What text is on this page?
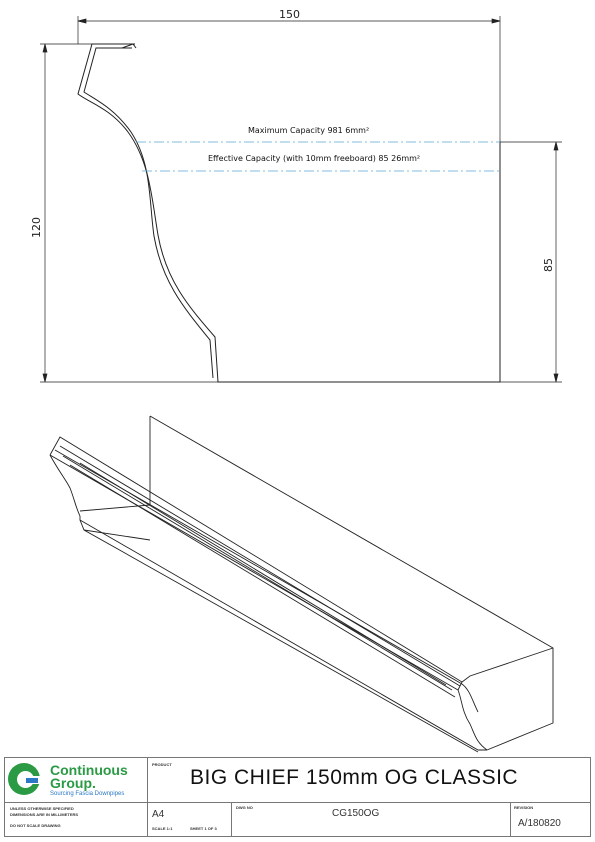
Maximum Capacity 981 6mm²
Effective Capacity (with 10mm freeboard) 85 26mm²
150
120
85
Continuous
Group.
Sourcing Fascia Downpipes
PRODUCT
BIG CHIEF 150mm OG CLASSIC
UNLESS OTHERWISE SPECIFIED
DIMENSIONS ARE IN MILLIMETERS
DO NOT SCALE DRAWING
A4
SCALE 1:1	SHEET 1 OF 3
DWG NO
CG150OG
REVISION
A/180820
